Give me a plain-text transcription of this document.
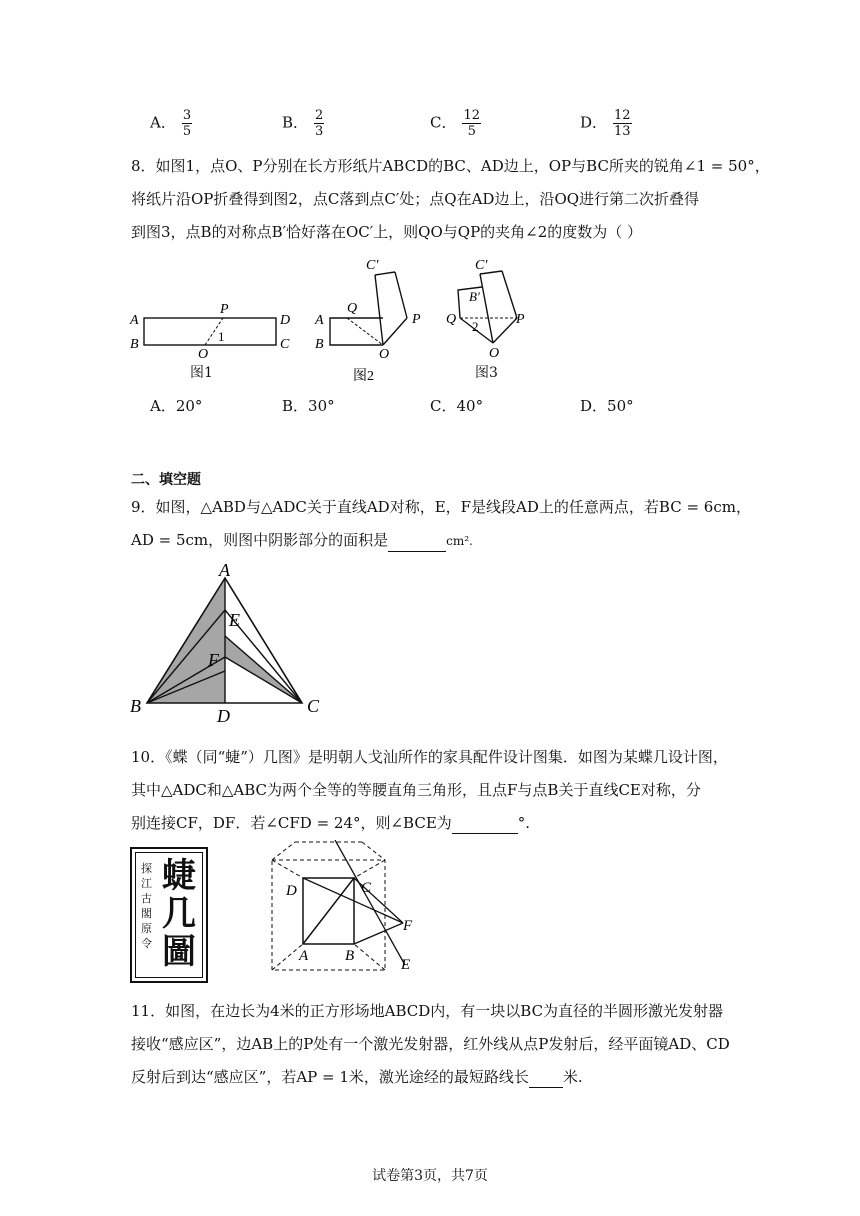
A． $\frac{3}{5}$	B． $\frac{2}{3}$	C． $\frac{12}{5}$	D． $\frac{12}{13}$
8．如图1，点O、P分别在长方形纸片ABCD的BC、AD边上，OP与BC所夹的锐角∠1 = 50°，
将纸片沿OP折叠得到图2，点C落到点C′处；点Q在AD边上，沿OQ进行第二次折叠得
到图3，点B的对称点B′恰好落在OC′上，则QO与QP的夹角∠2的度数为（ ）
A
B
D
C
P
O
1
A
B
Q
P
O
C′
图2
C′
B′
Q 2	P
O
图1	图3
A．20°	B．30°	C．40°	D．50°
二、填空题
9．如图，△ABD与△ADC关于直线AD对称，E，F是线段AD上的任意两点，若BC = 6cm，
AD = 5cm，则图中阴影部分的面积是	cm².
A
E
F
B	D	C
10．《蝶（同“蜨”）几图》是明朝人戈汕所作的家具配件设计图集．如图为某蝶几设计图，
其中△ADC和△ABC为两个全等的等腰直角三角形，且点F与点B关于直线CE对称，分
别连接CF，DF．若∠CFD = 24°，则∠BCE为	°.
探江古閣原令
蜨几圖
D	C
F
A B
E
11．如图，在边长为4米的正方形场地ABCD内，有一块以BC为直径的半圆形激光发射器
接收“感应区”，边AB上的P处有一个激光发射器，红外线从点P发射后，经平面镜AD、CD
反射后到达“感应区”，若AP = 1米，激光途经的最短路线长 米.
试卷第3页，共7页
